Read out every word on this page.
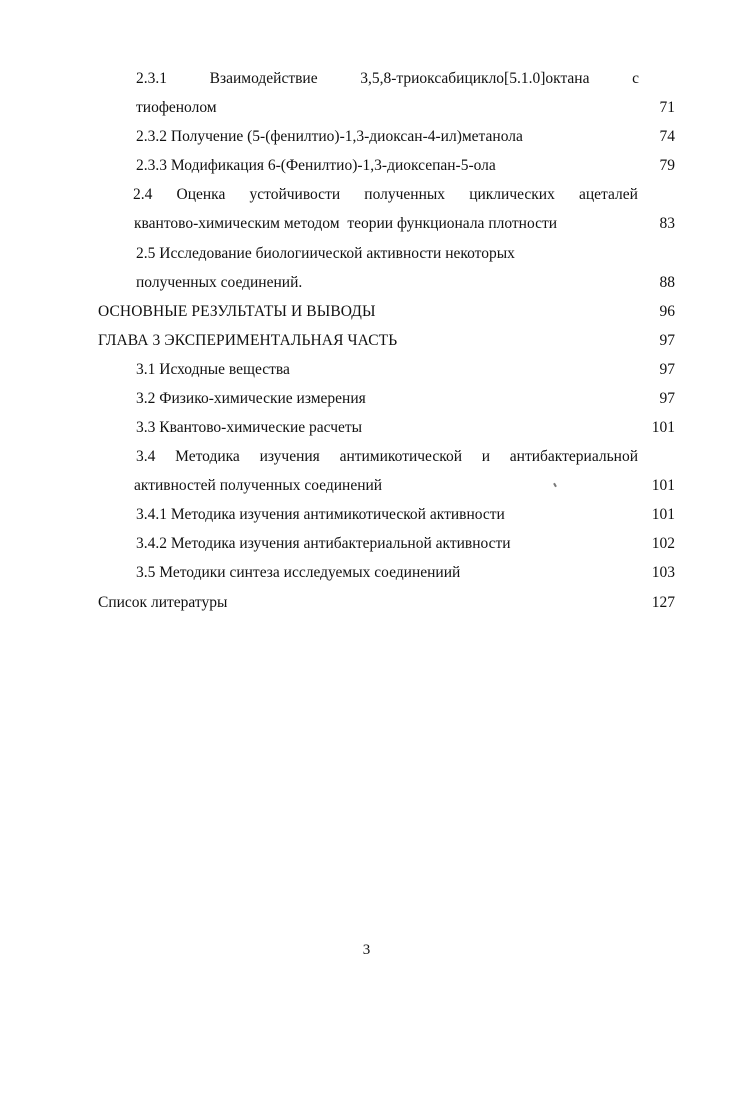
2.3.1	Взаимодействие	3,5,8-триоксабицикло[5.1.0]октана	с
тиофенолом	71
2.3.2 Получение (5-(фенилтио)-1,3-диоксан-4-ил)метанола	74
2.3.3 Модификация 6-(Фенилтио)-1,3-диоксепан-5-ола	79
2.4 Оценка устойчивости полученных циклических ацеталей
квантово-химическим методом  теории функционала плотности	83
2.5 Исследование биологиической активности некоторых
полученных соединений.	88
ОСНОВНЫЕ РЕЗУЛЬТАТЫ И ВЫВОДЫ	96
ГЛАВА 3 ЭКСПЕРИМЕНТАЛЬНАЯ ЧАСТЬ	97
3.1 Исходные вещества	97
3.2 Физико-химические измерения	97
3.3 Квантово-химические расчеты	101
3.4 Методика изучения антимикотической и антибактериальной
активностей полученных соединений	101
3.4.1 Методика изучения антимикотической активности	101
3.4.2 Методика изучения антибактериальной активности	102
3.5 Методики синтеза исследуемых соединениий	103
Список литературы	127
3
